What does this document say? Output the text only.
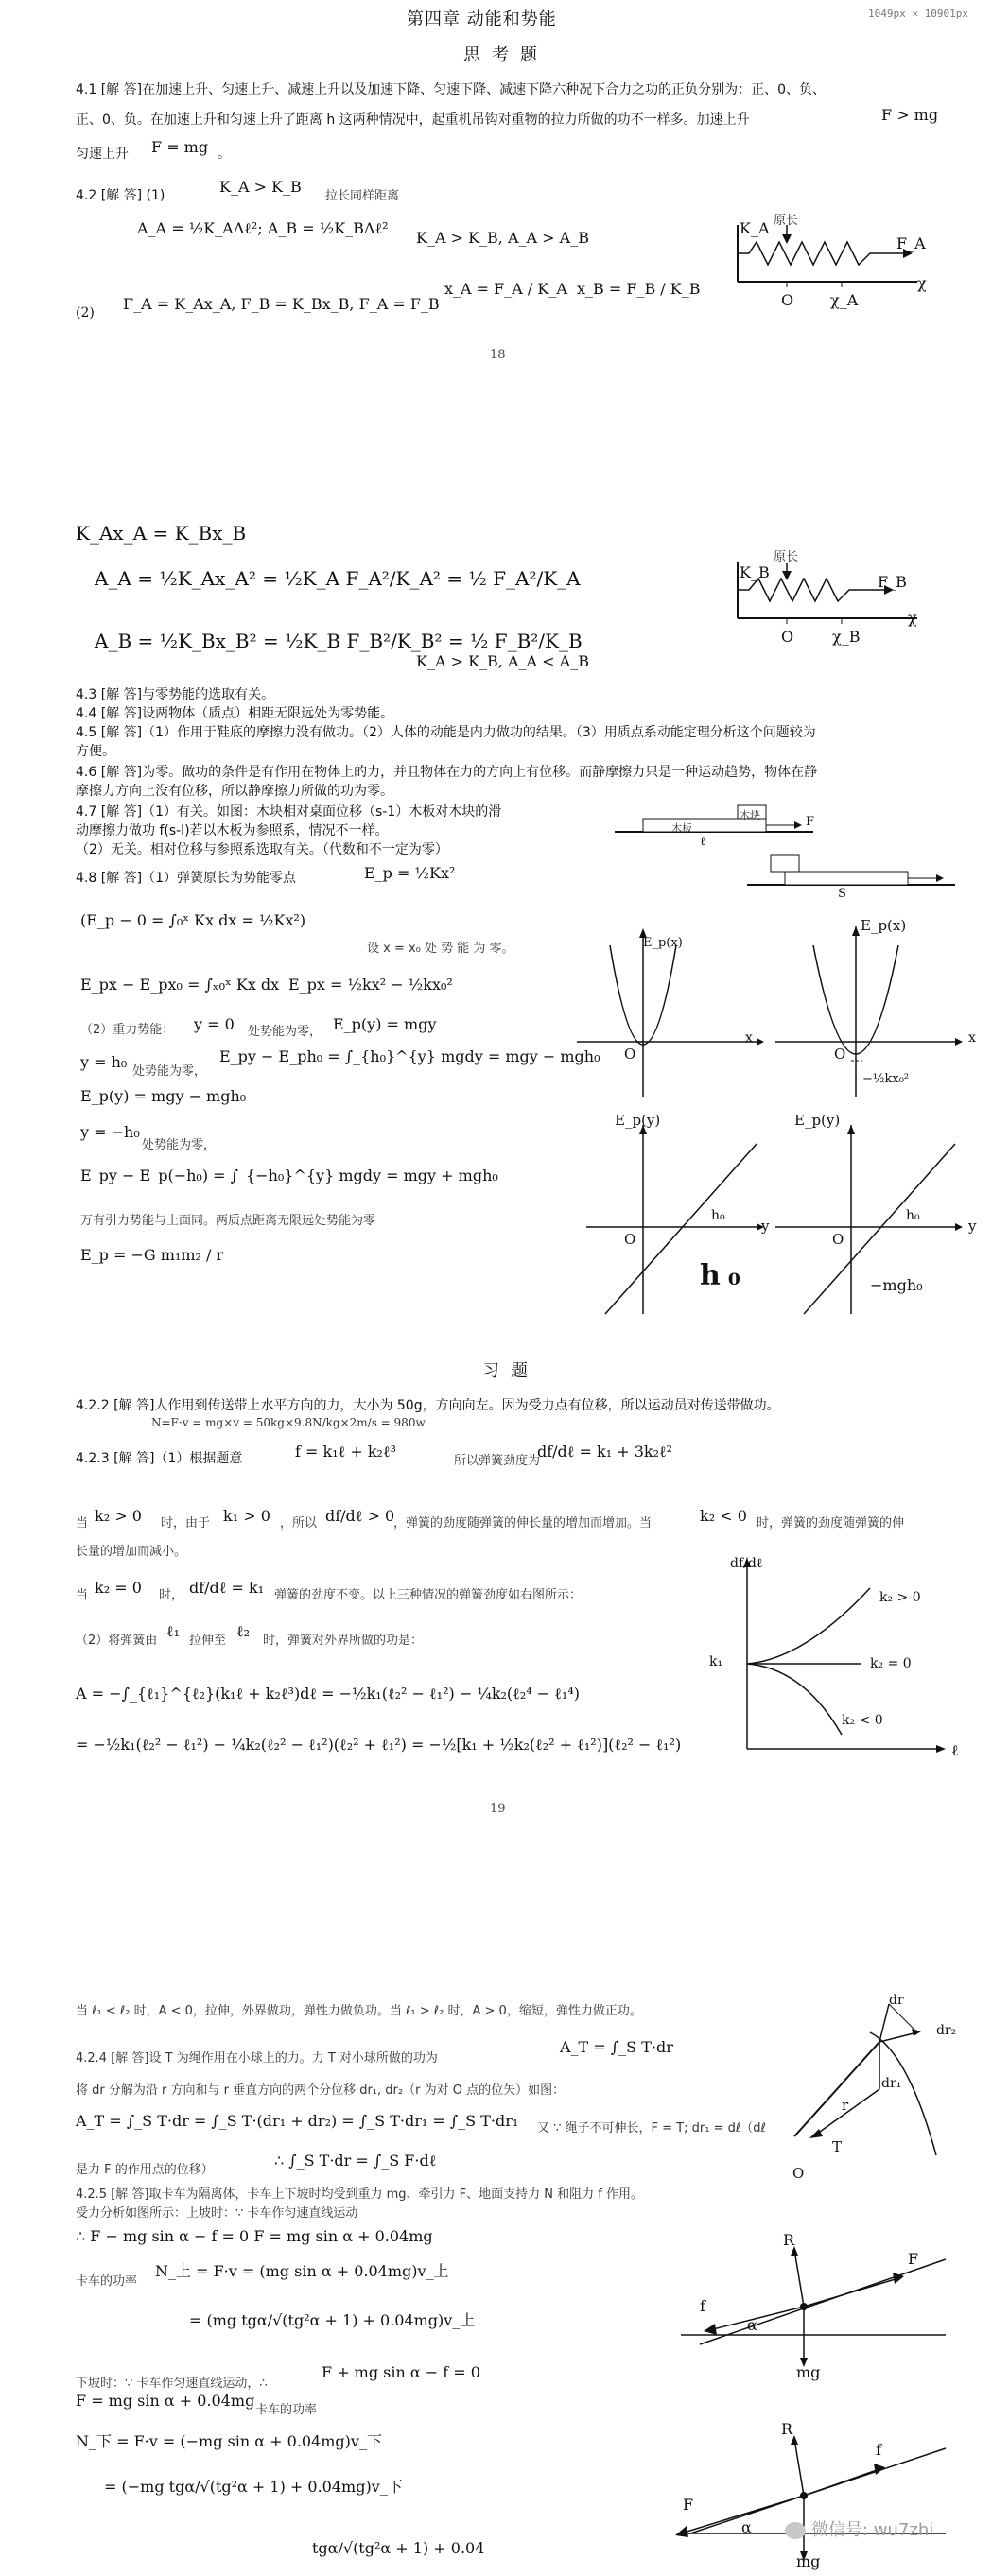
第四章 动能和势能	1049px × 10901px
思考题
4.1 [解 答]在加速上升、匀速上升、减速上升以及加速下降、匀速下降、减速下降六种况下合力之功的正负分别为：正、0、负、
正、0、负。在加速上升和匀速上升了距离 h 这两种情况中，起重机吊钩对重物的拉力所做的功不一样多。加速上升	F > mg
匀速上升 F = mg 。
4.2 [解 答] (1)	K_A > K_B
拉长同样距离
A_A = ½K_AΔℓ²; A_B = ½K_BΔℓ²
K_A > K_B, A_A > A_B
(2) F_A = K_Ax_A, F_B = K_Bx_B, F_A = F_B
x_A = F_A / K_A x_B = F_B / K_B
原长
K_A
F_A
O χ_A
χ
18
K_Ax_A = K_Bx_B
A_A = ½K_Ax_A² = ½K_A F_A²/K_A² = ½ F_A²/K_A
A_B = ½K_Bx_B² = ½K_B F_B²/K_B² = ½ F_B²/K_B
K_A > K_B, A_A < A_B
原长
K_B
F_B
O	χ_B
χ
4.3 [解 答]与零势能的选取有关。
4.4 [解 答]设两物体（质点）相距无限远处为零势能。
4.5 [解 答]（1）作用于鞋底的摩擦力没有做功。（2）人体的动能是内力做功的结果。（3）用质点系动能定理分析这个问题较为
方便。
4.6 [解 答]为零。做功的条件是有作用在物体上的力，并且物体在力的方向上有位移。而静摩擦力只是一种运动趋势，物体在静
摩擦力方向上没有位移，所以静摩擦力所做的功为零。
4.7 [解 答]（1）有关。如图：木块相对桌面位移（s-1）木板对木块的滑
动摩擦力做功 f(s-l)若以木板为参照系，情况不一样。
（2）无关。相对位移与参照系选取有关。（代数和不一定为零）
木块
木板	F
ℓ
S
4.8 [解 答]（1）弹簧原长为势能零点	E_p = ½Kx²
(E_p − 0 = ∫₀ˣ Kx dx = ½Kx²)
设 x = x₀ 处 势 能 为 零。
E_px − E_px₀ = ∫ₓ₀ˣ Kx dx E_px = ½kx² − ½kx₀²
（2）重力势能： y = 0 处势能为零， E_p(y) = mgy
y = h₀
处势能为零，
E_py − E_ph₀ = ∫_{h₀}^{y} mgdy = mgy − mgh₀
E_p(y) = mgy − mgh₀
y = −h₀
处势能为零，
E_py − E_p(−h₀) = ∫_{−h₀}^{y} mgdy = mgy + mgh₀
万有引力势能与上面同。两质点距离无限远处势能为零
E_p = −G m₁m₂ / r
E_p(x)
x
O
E_p(x)
x
O
−½kx₀²
E_p(y)
y
h₀
O
h₀
E_p(y)
y
h₀
O
−mgh₀
习题
4.2.2 [解 答]人作用到传送带上水平方向的力，大小为 50g，方向向左。因为受力点有位移，所以运动员对传送带做功。
N=F·v = mg×v = 50kg×9.8N/kg×2m/s = 980w
4.2.3 [解 答]（1）根据题意	f = k₁ℓ + k₂ℓ³
所以弹簧劲度为
df/dℓ = k₁ + 3k₂ℓ²
当 k₂ > 0 时，由于 k₁ > 0 ，所以 df/dℓ > 0
，弹簧的劲度随弹簧的伸长量的增加而增加。当	k₂ < 0 时，弹簧的劲度随弹簧的伸
长量的增加而减小。
当 k₂ = 0 时， df/dℓ = k₁ 弹簧的劲度不变。以上三种情况的弹簧劲度如右图所示：
（2）将弹簧由
ℓ₁
拉伸至
ℓ₂
时，弹簧对外界所做的功是：
A = −∫_{ℓ₁}^{ℓ₂}(k₁ℓ + k₂ℓ³)dℓ = −½k₁(ℓ₂² − ℓ₁²) − ¼k₂(ℓ₂⁴ − ℓ₁⁴)
= −½k₁(ℓ₂² − ℓ₁²) − ¼k₂(ℓ₂² − ℓ₁²)(ℓ₂² + ℓ₁²) = −½[k₁ + ½k₂(ℓ₂² + ℓ₁²)](ℓ₂² − ℓ₁²)
df/dℓ
k₁
ℓ
k₂ > 0
k₂ = 0
k₂ < 0
19
当 ℓ₁ < ℓ₂ 时，A < 0，拉伸，外界做功，弹性力做负功。当 ℓ₁ > ℓ₂ 时，A > 0，缩短，弹性力做正功。
4.2.4 [解 答]设 T 为绳作用在小球上的力。力 T 对小球所做的功为
A_T = ∫_S T·dr
将 dr 分解为沿 r 方向和与 r 垂直方向的两个分位移 dr₁, dr₂（r 为对 O 点的位矢）如图：
A_T = ∫_S T·dr = ∫_S T·(dr₁ + dr₂) = ∫_S T·dr₁ = ∫_S T·dr₁ 又 ∵ 绳子不可伸长，F = T; dr₁ = dℓ（dℓ
是力 F 的作用点的位移）
∴ ∫_S T·dr = ∫_S F·dℓ
dr
dr₂
dr₁
r
T
O
4.2.5 [解 答]取卡车为隔离体，卡车上下坡时均受到重力 mg、牵引力 F、地面支持力 N 和阻力 f 作用。
受力分析如图所示：上坡时：∵ 卡车作匀速直线运动
∴ F − mg sin α − f = 0 F = mg sin α + 0.04mg
卡车的功率
N_上 = F·v = (mg sin α + 0.04mg)v_上
= (mg tgα/√(tg²α + 1) + 0.04mg)v_上
下坡时：∵ 卡车作匀速直线运动，∴
F + mg sin α − f = 0
F = mg sin α + 0.04mg
卡车的功率
N_下 = F·v = (−mg sin α + 0.04mg)v_下
= (−mg tgα/√(tg²α + 1) + 0.04mg)v_下
tgα/√(tg²α + 1) + 0.04
R
F
f
α
mg
R
f
F
α
mg
微信号: wu7zhi
